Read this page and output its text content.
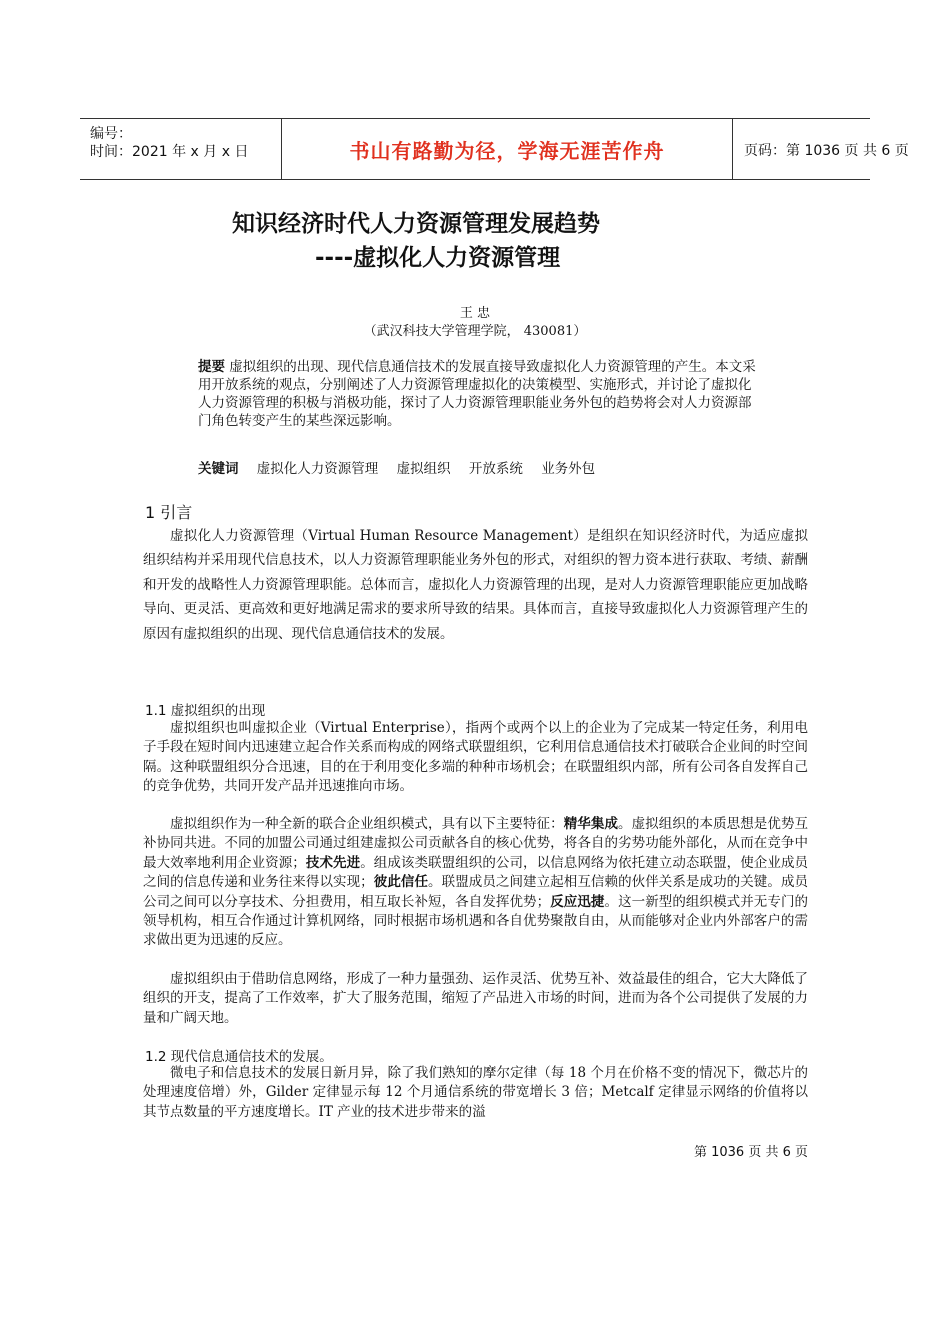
编号：
时间：2021 年 x 月 x 日	书山有路勤为径，学海无涯苦作舟	页码：第 1036 页 共 6 页
知识经济时代人力资源管理发展趋势
----虚拟化人力资源管理
王 忠
（武汉科技大学管理学院， 430081）
提要 虚拟组织的出现、现代信息通信技术的发展直接导致虚拟化人力资源管理的产生。本文采用开放系统的观点，分别阐述了人力资源管理虚拟化的决策模型、实施形式，并讨论了虚拟化人力资源管理的积极与消极功能，探讨了人力资源管理职能业务外包的趋势将会对人力资源部门角色转变产生的某些深远影响。
关键词 虚拟化人力资源管理 虚拟组织 开放系统 业务外包
1 引言
虚拟化人力资源管理（Virtual Human Resource Management）是组织在知识经济时代，为适应虚拟组织结构并采用现代信息技术，以人力资源管理职能业务外包的形式，对组织的智力资本进行获取、考绩、薪酬和开发的战略性人力资源管理职能。总体而言，虚拟化人力资源管理的出现，是对人力资源管理职能应更加战略导向、更灵活、更高效和更好地满足需求的要求所导致的结果。具体而言，直接导致虚拟化人力资源管理产生的原因有虚拟组织的出现、现代信息通信技术的发展。
1.1 虚拟组织的出现
虚拟组织也叫虚拟企业（Virtual Enterprise），指两个或两个以上的企业为了完成某一特定任务，利用电子手段在短时间内迅速建立起合作关系而构成的网络式联盟组织，它利用信息通信技术打破联合企业间的时空间隔。这种联盟组织分合迅速，目的在于利用变化多端的种种市场机会；在联盟组织内部，所有公司各自发挥自己的竞争优势，共同开发产品并迅速推向市场。
虚拟组织作为一种全新的联合企业组织模式，具有以下主要特征：精华集成。虚拟组织的本质思想是优势互补协同共进。不同的加盟公司通过组建虚拟公司贡献各自的核心优势，将各自的劣势功能外部化，从而在竞争中最大效率地利用企业资源；技术先进。组成该类联盟组织的公司，以信息网络为依托建立动态联盟，使企业成员之间的信息传递和业务往来得以实现；彼此信任。联盟成员之间建立起相互信赖的伙伴关系是成功的关键。成员公司之间可以分享技术、分担费用，相互取长补短，各自发挥优势；反应迅捷。这一新型的组织模式并无专门的领导机构，相互合作通过计算机网络，同时根据市场机遇和各自优势聚散自由，从而能够对企业内外部客户的需求做出更为迅速的反应。
虚拟组织由于借助信息网络，形成了一种力量强劲、运作灵活、优势互补、效益最佳的组合，它大大降低了组织的开支，提高了工作效率，扩大了服务范围，缩短了产品进入市场的时间，进而为各个公司提供了发展的力量和广阔天地。
1.2 现代信息通信技术的发展。
微电子和信息技术的发展日新月异，除了我们熟知的摩尔定律（每 18 个月在价格不变的情况下，微芯片的处理速度倍增）外，Gilder 定律显示每 12 个月通信系统的带宽增长 3 倍；Metcalf 定律显示网络的价值将以其节点数量的平方速度增长。IT 产业的技术进步带来的溢
第 1036 页 共 6 页
